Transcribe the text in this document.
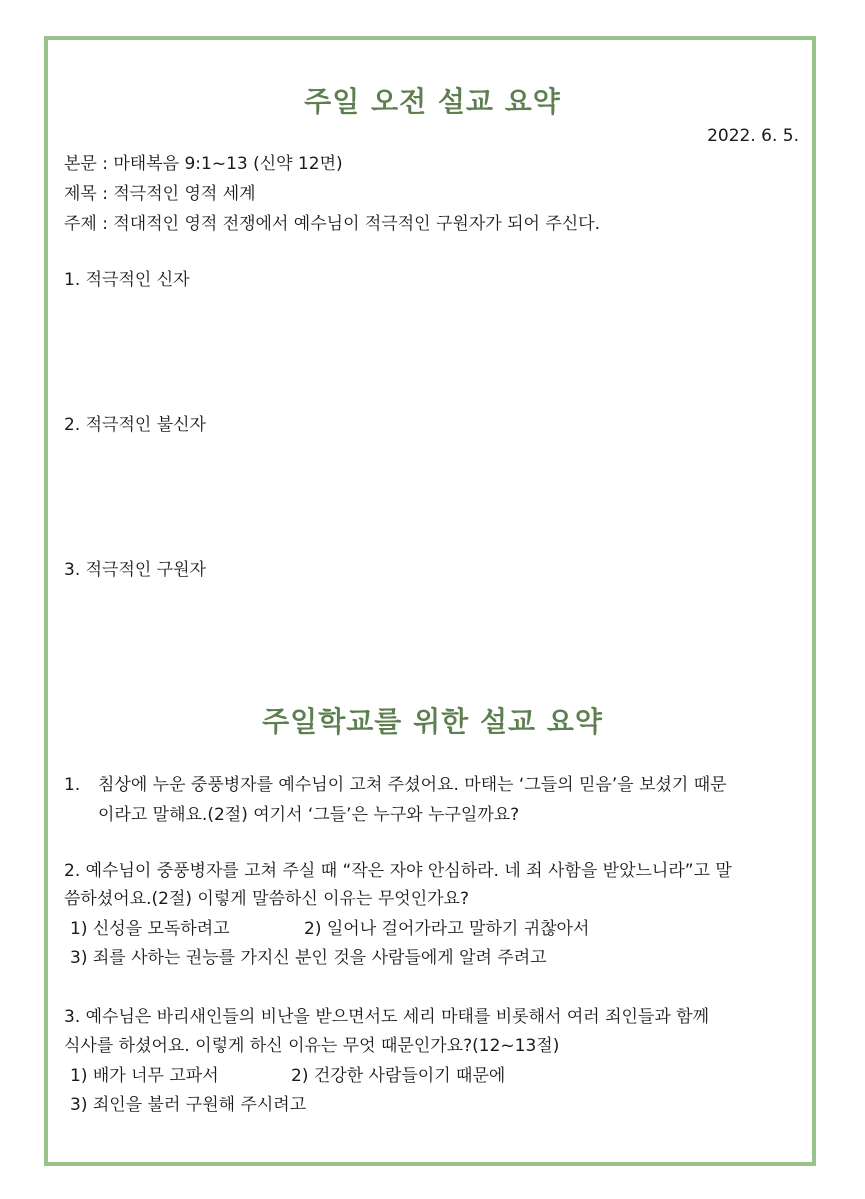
주일 오전 설교 요약
2022. 6. 5.
본문 : 마태복음 9:1~13 (신약 12면)
제목 : 적극적인 영적 세계
주제 : 적대적인 영적 전쟁에서 예수님이 적극적인 구원자가 되어 주신다.
1. 적극적인 신자
2. 적극적인 불신자
3. 적극적인 구원자
주일학교를 위한 설교 요약
1. 침상에 누운 중풍병자를 예수님이 고쳐 주셨어요. 마태는 ‘그들의 믿음’을 보셨기 때문
이라고 말해요.(2절) 여기서 ‘그들’은 누구와 누구일까요?
2. 예수님이 중풍병자를 고쳐 주실 때 “작은 자야 안심하라. 네 죄 사함을 받았느니라”고 말
씀하셨어요.(2절) 이렇게 말씀하신 이유는 무엇인가요?
1) 신성을 모독하려고	2) 일어나 걸어가라고 말하기 귀찮아서
3) 죄를 사하는 권능를 가지신 분인 것을 사람들에게 알려 주려고
3. 예수님은 바리새인들의 비난을 받으면서도 세리 마태를 비롯해서 여러 죄인들과 함께
식사를 하셨어요. 이렇게 하신 이유는 무엇 때문인가요?(12~13절)
1) 배가 너무 고파서	2) 건강한 사람들이기 때문에
3) 죄인을 불러 구원해 주시려고
